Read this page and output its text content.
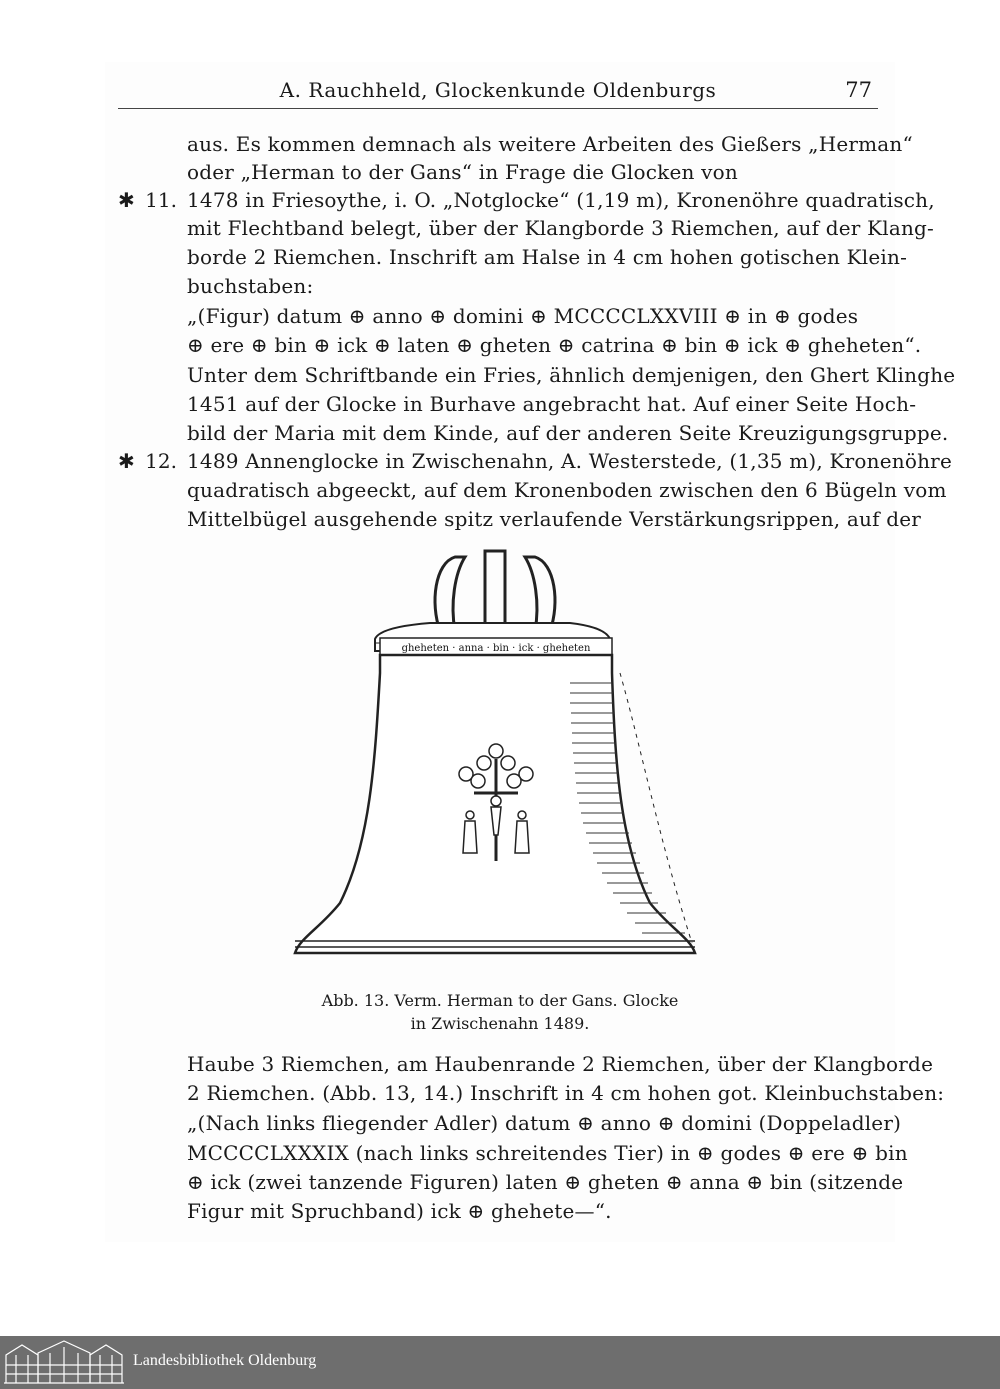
A. Rauchheld, Glockenkunde Oldenburgs	77
aus. Es kommen demnach als weitere Arbeiten des Gießers „Herman“
oder „Herman to der Gans“ in Frage die Glocken von
✱ 11. 1478 in Friesoythe, i. O. „Notglocke“ (1,19 m), Kronenöhre quadratisch,
mit Flechtband belegt, über der Klangborde 3 Riemchen, auf der Klang-
borde 2 Riemchen. Inschrift am Halse in 4 cm hohen gotischen Klein-
buchstaben:
„(Figur) datum ⊕ anno ⊕ domini ⊕ MCCCCLXXVIII ⊕ in ⊕ godes
⊕ ere ⊕ bin ⊕ ick ⊕ laten ⊕ gheten ⊕ catrina ⊕ bin ⊕ ick ⊕ gheheten“.
Unter dem Schriftbande ein Fries, ähnlich demjenigen, den Ghert Klinghe
1451 auf der Glocke in Burhave angebracht hat. Auf einer Seite Hoch-
bild der Maria mit dem Kinde, auf der anderen Seite Kreuzigungsgruppe.
✱ 12. 1489 Annenglocke in Zwischenahn, A. Westerstede, (1,35 m), Kronenöhre
quadratisch abgeeckt, auf dem Kronenboden zwischen den 6 Bügeln vom
Mittelbügel ausgehende spitz verlaufende Verstärkungsrippen, auf der
gheheten · anna · bin · ick · gheheten
Abb. 13. Verm. Herman to der Gans. Glocke
in Zwischenahn 1489.
Haube 3 Riemchen, am Haubenrande 2 Riemchen, über der Klangborde
2 Riemchen. (Abb. 13, 14.) Inschrift in 4 cm hohen got. Kleinbuchstaben:
„(Nach links fliegender Adler) datum ⊕ anno ⊕ domini (Doppeladler)
MCCCCLXXXIX (nach links schreitendes Tier) in ⊕ godes ⊕ ere ⊕ bin
⊕ ick (zwei tanzende Figuren) laten ⊕ gheten ⊕ anna ⊕ bin (sitzende
Figur mit Spruchband) ick ⊕ ghehete—“.
Landesbibliothek Oldenburg
